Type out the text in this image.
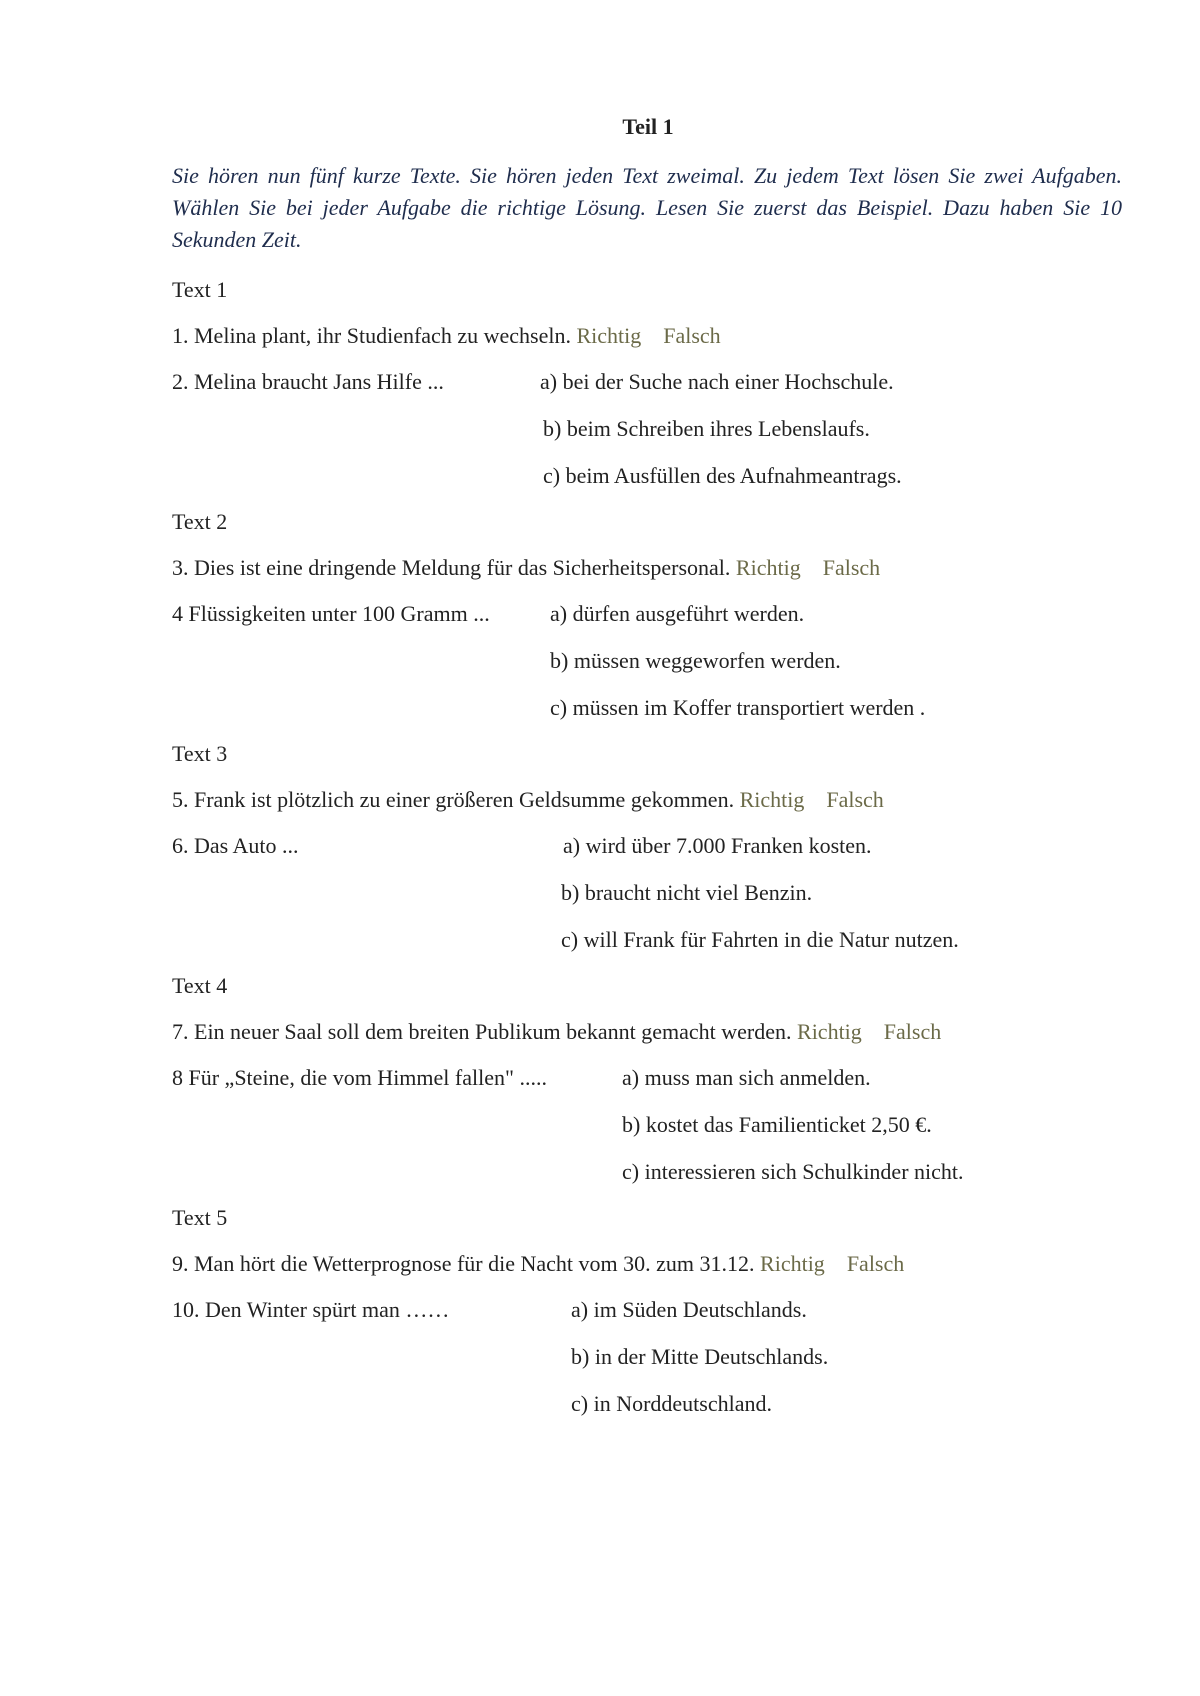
Teil 1
Sie hören nun fünf kurze Texte. Sie hören jeden Text zweimal. Zu jedem Text lösen Sie zwei Aufgaben. Wählen Sie bei jeder Aufgabe die richtige Lösung. Lesen Sie zuerst das Beispiel. Dazu haben Sie 10 Sekunden Zeit.
Text 1
1. Melina plant, ihr Studienfach zu wechseln. Richtig Falsch
2. Melina braucht Jans Hilfe ...	a) bei der Suche nach einer Hochschule.
b) beim Schreiben ihres Lebenslaufs.
c) beim Ausfüllen des Aufnahmeantrags.
Text 2
3. Dies ist eine dringende Meldung für das Sicherheitspersonal. Richtig Falsch
4 Flüssigkeiten unter 100 Gramm ...	a) dürfen ausgeführt werden.
b) müssen weggeworfen werden.
c) müssen im Koffer transportiert werden .
Text 3
5. Frank ist plötzlich zu einer größeren Geldsumme gekommen. Richtig Falsch
6. Das Auto ...	a) wird über 7.000 Franken kosten.
b) braucht nicht viel Benzin.
c) will Frank für Fahrten in die Natur nutzen.
Text 4
7. Ein neuer Saal soll dem breiten Publikum bekannt gemacht werden. Richtig Falsch
8 Für „Steine, die vom Himmel fallen" .....	a) muss man sich anmelden.
b) kostet das Familienticket 2,50 €.
c) interessieren sich Schulkinder nicht.
Text 5
9. Man hört die Wetterprognose für die Nacht vom 30. zum 31.12. Richtig Falsch
10. Den Winter spürt man ……	a) im Süden Deutschlands.
b) in der Mitte Deutschlands.
c) in Norddeutschland.
